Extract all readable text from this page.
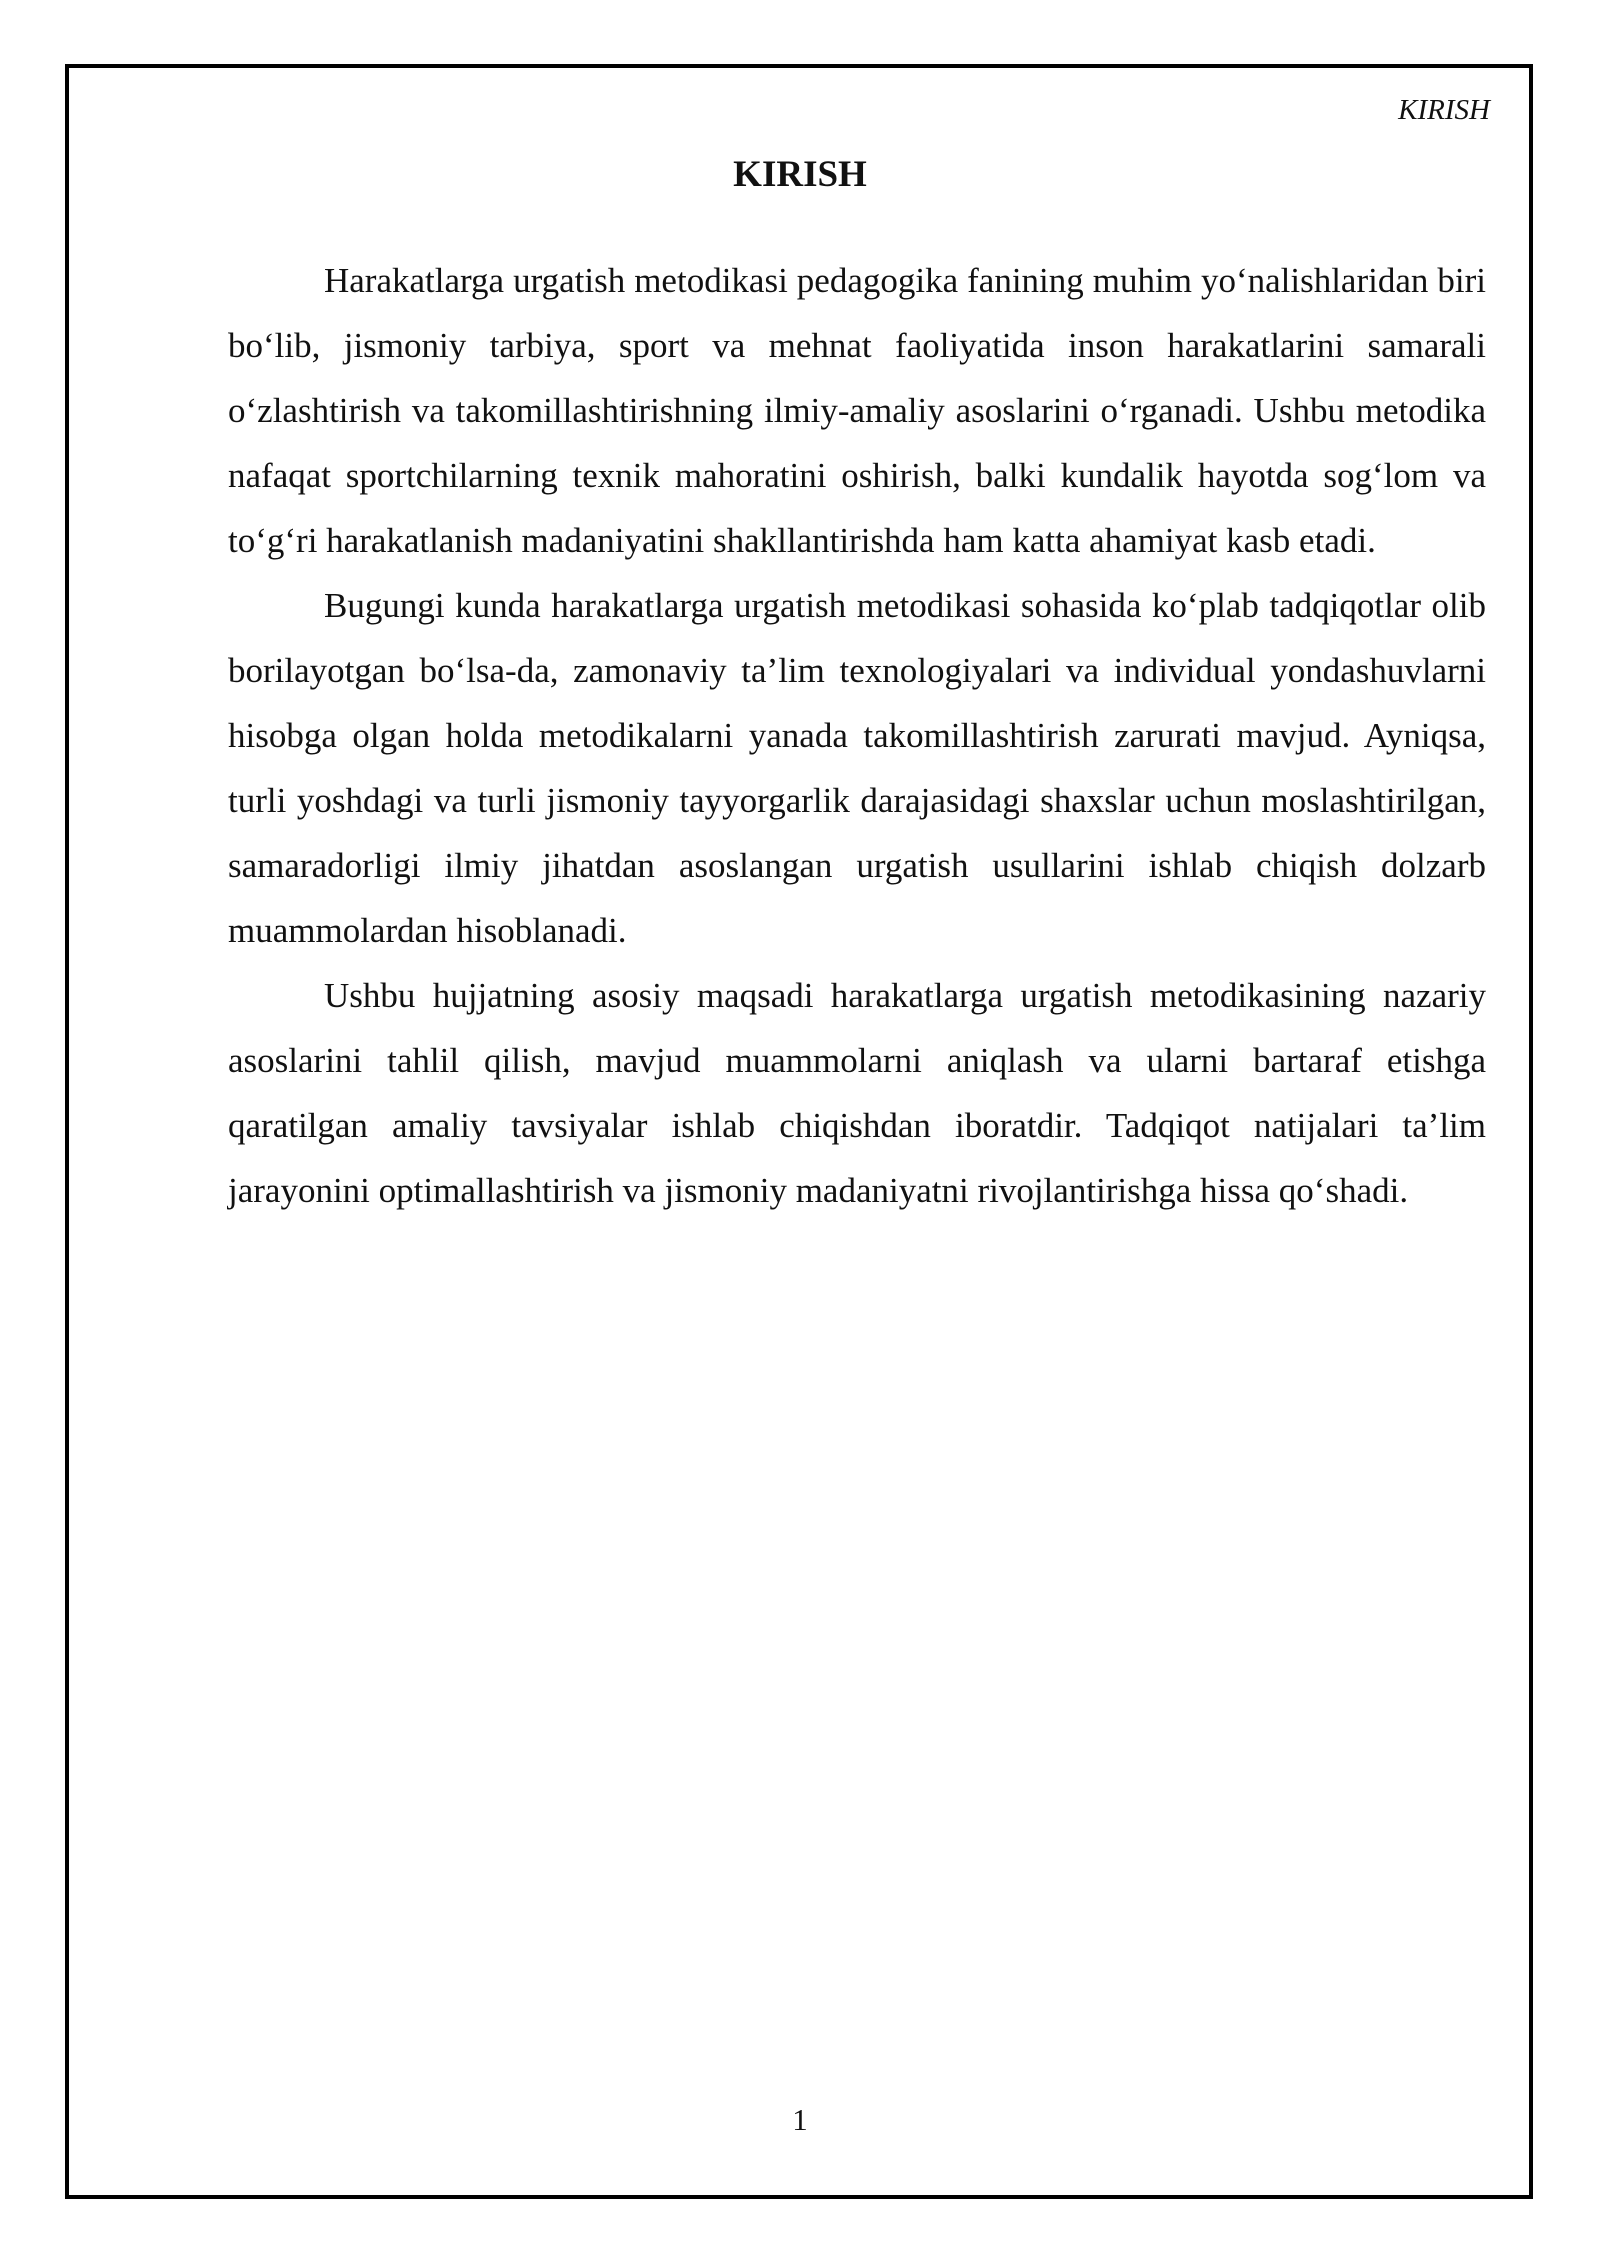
KIRISH
KIRISH

Harakatlarga urgatish metodikasi pedagogika fanining muhim yo‘nalishlaridan biri bo‘lib, jismoniy tarbiya, sport va mehnat faoliyatida inson harakatlarini samarali o‘zlashtirish va takomillashtirishning ilmiy-amaliy asoslarini o‘rganadi. Ushbu metodika nafaqat sportchilarning texnik mahoratini oshirish, balki kundalik hayotda sog‘lom va to‘g‘ri harakatlanish madaniyatini shakllantirishda ham katta ahamiyat kasb etadi.

Bugungi kunda harakatlarga urgatish metodikasi sohasida ko‘plab tadqiqotlar olib borilayotgan bo‘lsa-da, zamonaviy ta’lim texnologiyalari va individual yondashuvlarni hisobga olgan holda metodikalarni yanada takomillashtirish zarurati mavjud. Ayniqsa, turli yoshdagi va turli jismoniy tayyorgarlik darajasidagi shaxslar uchun moslashtirilgan, samaradorligi ilmiy jihatdan asoslangan urgatish usullarini ishlab chiqish dolzarb muammolardan hisoblanadi.

Ushbu hujjatning asosiy maqsadi harakatlarga urgatish metodikasining nazariy asoslarini tahlil qilish, mavjud muammolarni aniqlash va ularni bartaraf etishga qaratilgan amaliy tavsiyalar ishlab chiqishdan iboratdir. Tadqiqot natijalari ta’lim jarayonini optimallashtirish va jismoniy madaniyatni rivojlantirishga hissa qo‘shadi.

1
